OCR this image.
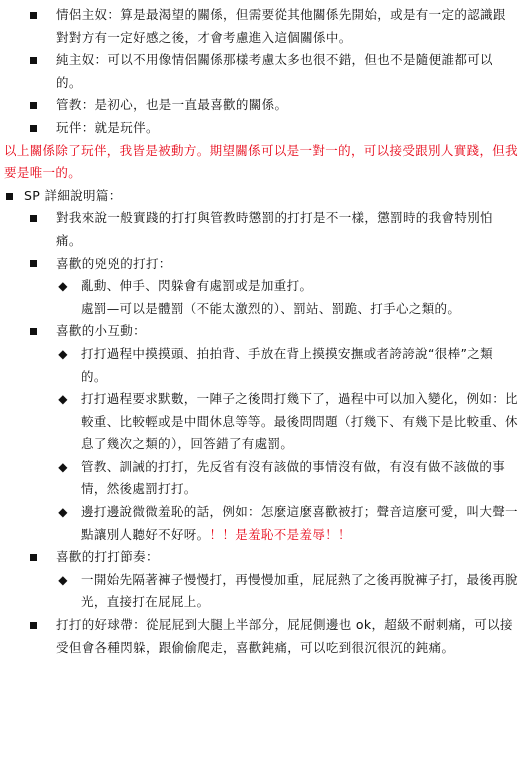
情侶主奴：算是最渴望的關係，但需要從其他關係先開始，或是有一定的認識跟對對方有一定好感之後，才會考慮進入這個關係中。
純主奴：可以不用像情侶關係那樣考慮太多也很不錯，但也不是隨便誰都可以的。
管教：是初心，也是一直最喜歡的關係。
玩伴：就是玩伴。
以上關係除了玩伴，我皆是被動方。期望關係可以是一對一的，可以接受跟別人實踐，但我要是唯一的。
SP 詳細說明篇：
對我來說一般實踐的打打與管教時懲罰的打打是不一樣，懲罰時的我會特別怕痛。
喜歡的兇兇的打打：
◆ 亂動、伸手、閃躲會有處罰或是加重打。
處罰—可以是體罰（不能太激烈的）、罰站、罰跪、打手心之類的。
喜歡的小互動：
◆ 打打過程中摸摸頭、拍拍背、手放在背上摸摸安撫或者誇誇說“很棒”之類的。
◆ 打打過程要求默數，一陣子之後問打幾下了，過程中可以加入變化，例如：比較重、比較輕或是中間休息等等。最後問問題（打幾下、有幾下是比較重、休息了幾次之類的），回答錯了有處罰。
◆ 管教、訓誡的打打，先反省有沒有該做的事情沒有做，有沒有做不該做的事情，然後處罰打打。
◆ 邊打邊說微微羞恥的話，例如：怎麼這麼喜歡被打；聲音這麼可愛，叫大聲一點讓別人聽好不好呀。！！是羞恥不是羞辱！！
喜歡的打打節奏：
◆ 一開始先隔著褲子慢慢打，再慢慢加重，屁屁熱了之後再脫褲子打，最後再脫光，直接打在屁屁上。
打打的好球帶：從屁屁到大腿上半部分，屁屁側邊也 ok，超級不耐刺痛，可以接受但會各種閃躲，跟偷偷爬走，喜歡鈍痛，可以吃到很沉很沉的鈍痛。
